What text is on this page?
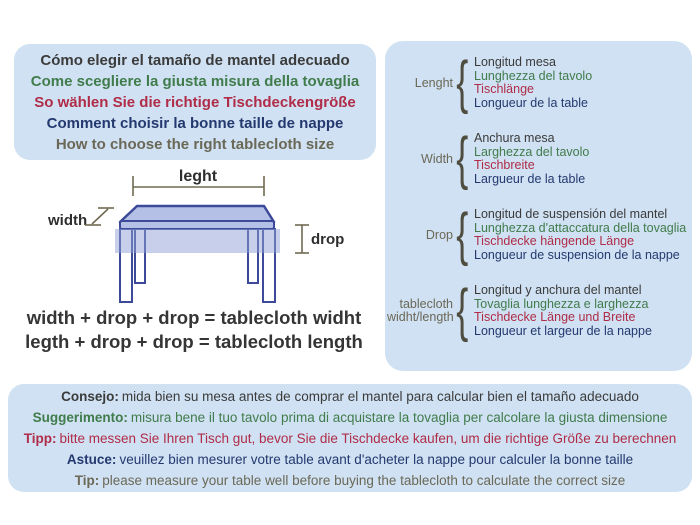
Cómo elegir el tamaño de mantel adecuado
Come scegliere la giusta misura della tovaglia
So wählen Sie die richtige Tischdeckengröße
Comment choisir la bonne taille de nappe
How to choose the right tablecloth size
Lenght { Longitud mesa
Lunghezza del tavolo
Tischlänge
Longueur de la table
Width { Anchura mesa
Larghezza del tavolo
Tischbreite
Largueur de la table
Drop { Longitud de suspensión del mantel
Lunghezza d'attaccatura della tovaglia
Tischdecke hängende Länge
Longueur de suspension de la nappe
tablecloth widht/length { Longitud y anchura del mantel
Tovaglia lunghezza e larghezza
Tischdecke Länge und Breite
Longueur et largeur de la nappe
leght
width
drop
width + drop + drop = tablecloth widht
legth + drop + drop = tablecloth length
Consejo: mida bien su mesa antes de comprar el mantel para calcular bien el tamaño adecuado
Suggerimento: misura bene il tuo tavolo prima di acquistare la tovaglia per calcolare la giusta dimensione
Tipp: bitte messen Sie Ihren Tisch gut, bevor Sie die Tischdecke kaufen, um die richtige Größe zu berechnen
Astuce: veuillez bien mesurer votre table avant d'acheter la nappe pour calculer la bonne taille
Tip: please measure your table well before buying the tablecloth to calculate the correct size
